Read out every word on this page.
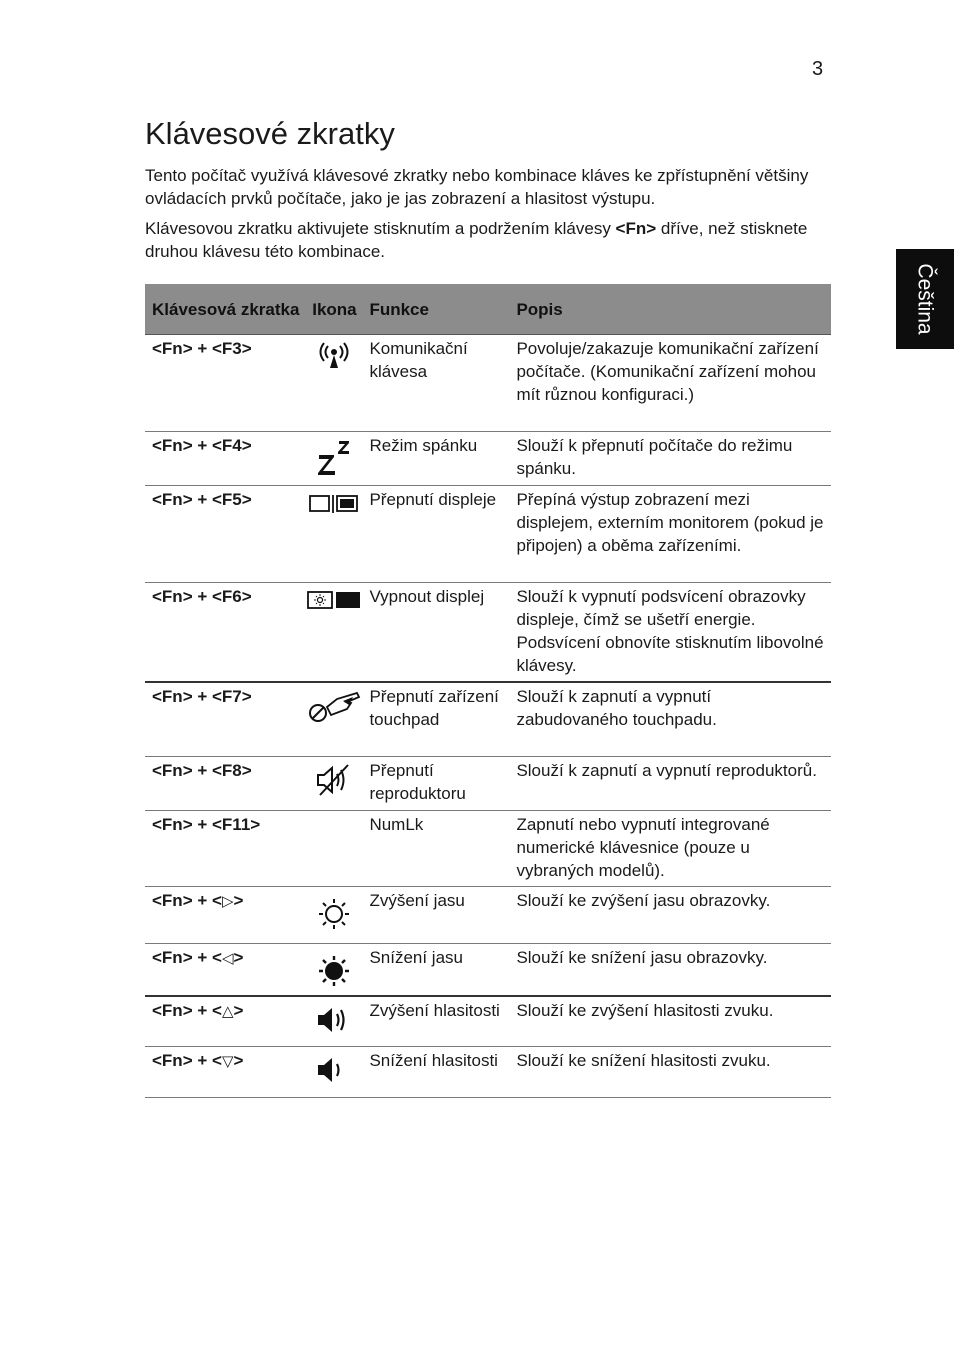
3
Čeština
Klávesové zkratky

Tento počítač využívá klávesové zkratky nebo kombinace kláves ke zpřístupnění většiny ovládacích prvků počítače, jako je jas zobrazení a hlasitost výstupu.

Klávesovou zkratku aktivujete stisknutím a podržením klávesy <Fn> dříve, než stisknete druhou klávesu této kombinace.

Klávesová zkratka	Ikona	Funkce	Popis
<Fn> + <F3>		Komunikační klávesa	Povoluje/zakazuje komunikační zařízení počítače. (Komunikační zařízení mohou mít různou konfiguraci.)
<Fn> + <F4>		Režim spánku	Slouží k přepnutí počítače do režimu spánku.
<Fn> + <F5>		Přepnutí displeje	Přepíná výstup zobrazení mezi displejem, externím monitorem (pokud je připojen) a oběma zařízeními.
<Fn> + <F6>		Vypnout displej	Slouží k vypnutí podsvícení obrazovky displeje, čímž se ušetří energie. Podsvícení obnovíte stisknutím libovolné klávesy.
<Fn> + <F7>		Přepnutí zařízení touchpad	Slouží k zapnutí a vypnutí zabudovaného touchpadu.
<Fn> + <F8>		Přepnutí reproduktoru	Slouží k zapnutí a vypnutí reproduktorů.
<Fn> + <F11>		NumLk	Zapnutí nebo vypnutí integrované numerické klávesnice (pouze u vybraných modelů).
<Fn> + <▷>		Zvýšení jasu	Slouží ke zvýšení jasu obrazovky.
<Fn> + <◁>		Snížení jasu	Slouží ke snížení jasu obrazovky.
<Fn> + <△>		Zvýšení hlasitosti	Slouží ke zvýšení hlasitosti zvuku.
<Fn> + <▽>		Snížení hlasitosti	Slouží ke snížení hlasitosti zvuku.
